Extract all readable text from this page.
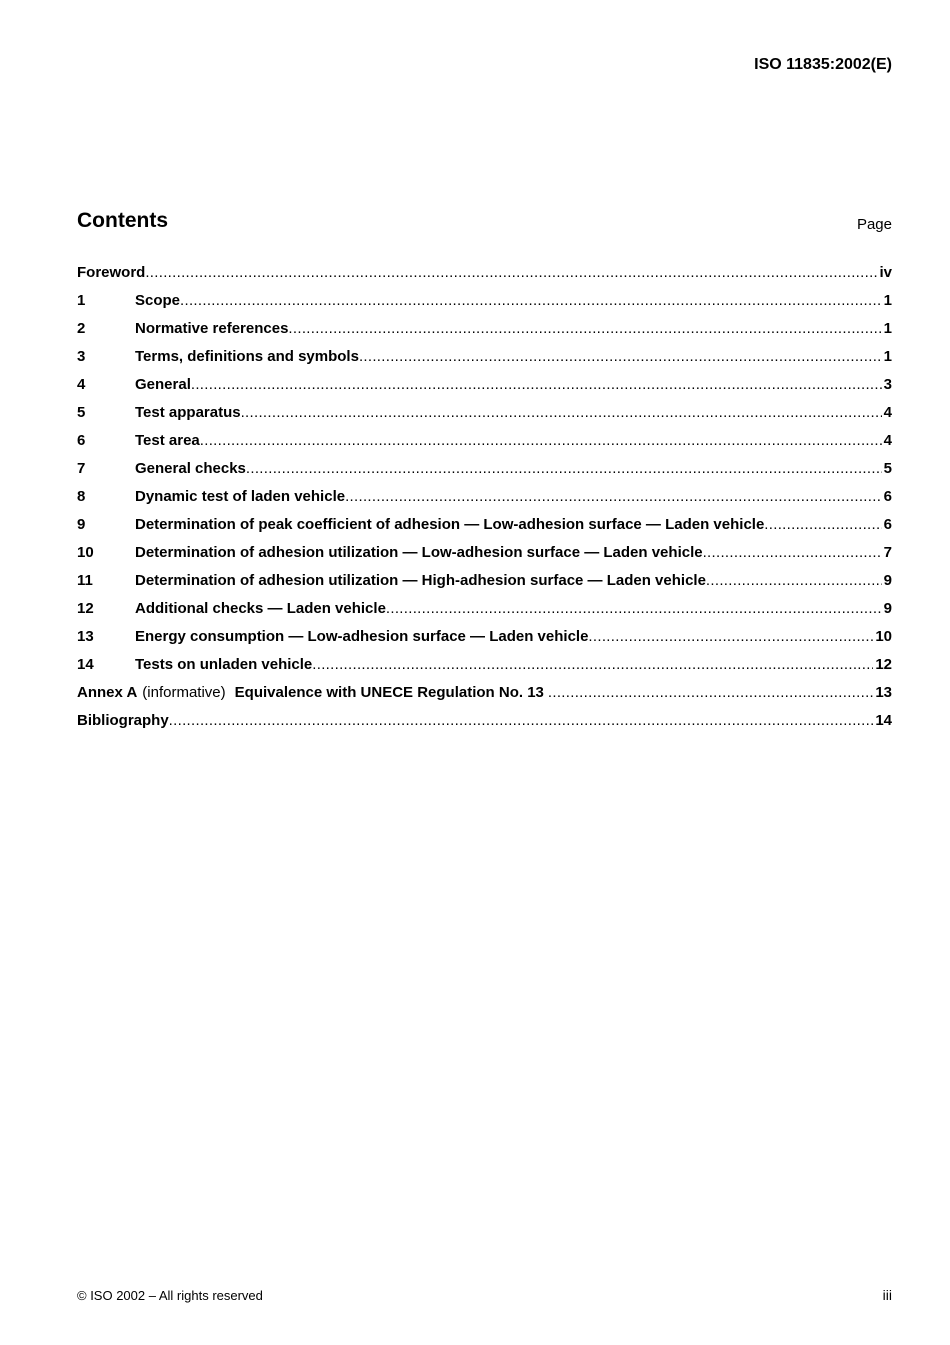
ISO 11835:2002(E)
Contents	Page
Foreword .....	iv
1	Scope .....	1
2	Normative references .....	1
3	Terms, definitions and symbols .....	1
4	General .....	3
5	Test apparatus .....	4
6	Test area .....	4
7	General checks .....	5
8	Dynamic test of laden vehicle .....	6
9	Determination of peak coefficient of adhesion — Low-adhesion surface — Laden vehicle .....	6
10	Determination of adhesion utilization — Low-adhesion surface — Laden vehicle .....	7
11	Determination of adhesion utilization — High-adhesion surface — Laden vehicle .....	9
12	Additional checks — Laden vehicle .....	9
13	Energy consumption — Low-adhesion surface — Laden vehicle .....	10
14	Tests on unladen vehicle .....	12
Annex A (informative) Equivalence with UNECE Regulation No. 13 .....	13
Bibliography .....	14
© ISO 2002 – All rights reserved	iii
